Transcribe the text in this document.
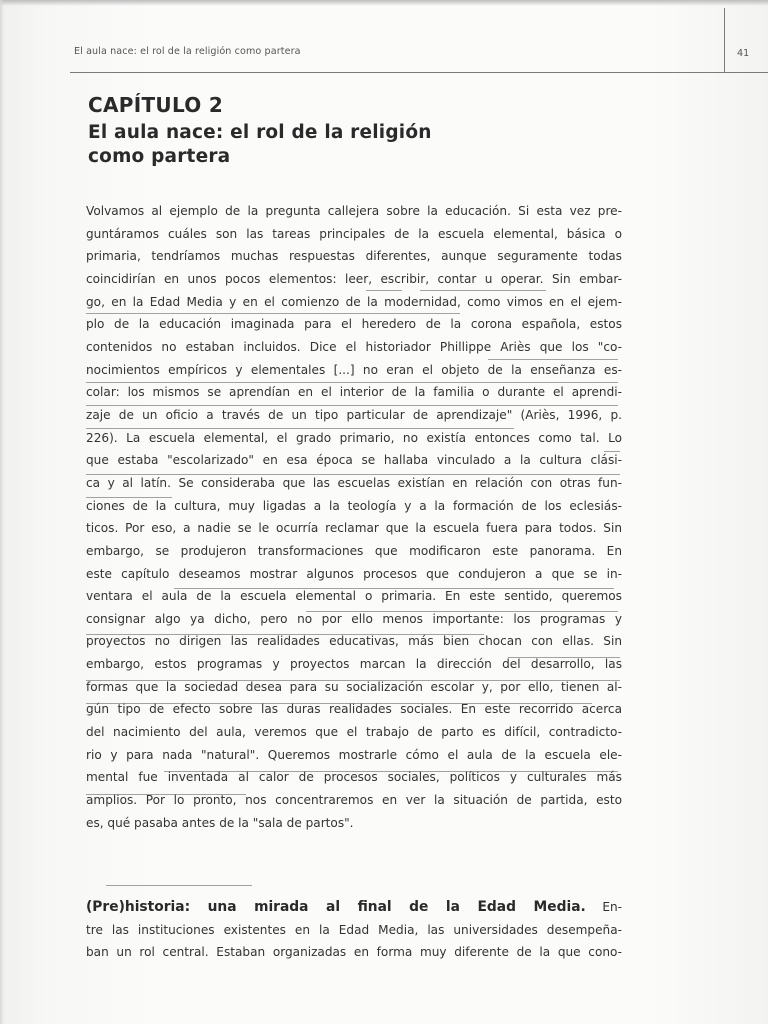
El aula nace: el rol de la religión como partera	41
CAPÍTULO 2
El aula nace: el rol de la religión
como partera
Volvamos al ejemplo de la pregunta callejera sobre la educación. Si esta vez pre-
guntáramos cuáles son las tareas principales de la escuela elemental, básica o
primaria, tendríamos muchas respuestas diferentes, aunque seguramente todas
coincidirían en unos pocos elementos: leer, escribir, contar u operar. Sin embar-
go, en la Edad Media y en el comienzo de la modernidad, como vimos en el ejem-
plo de la educación imaginada para el heredero de la corona española, estos
contenidos no estaban incluidos. Dice el historiador Phillippe Ariès que los "co-
nocimientos empíricos y elementales [...] no eran el objeto de la enseñanza es-
colar: los mismos se aprendían en el interior de la familia o durante el aprendi-
zaje de un oficio a través de un tipo particular de aprendizaje" (Ariès, 1996, p.
226). La escuela elemental, el grado primario, no existía entonces como tal. Lo
que estaba "escolarizado" en esa época se hallaba vinculado a la cultura clási-
ca y al latín. Se consideraba que las escuelas existían en relación con otras fun-
ciones de la cultura, muy ligadas a la teología y a la formación de los eclesiás-
ticos. Por eso, a nadie se le ocurría reclamar que la escuela fuera para todos. Sin
embargo, se produjeron transformaciones que modificaron este panorama. En
este capítulo deseamos mostrar algunos procesos que condujeron a que se in-
ventara el aula de la escuela elemental o primaria. En este sentido, queremos
consignar algo ya dicho, pero no por ello menos importante: los programas y
proyectos no dirigen las realidades educativas, más bien chocan con ellas. Sin
embargo, estos programas y proyectos marcan la dirección del desarrollo, las
formas que la sociedad desea para su socialización escolar y, por ello, tienen al-
gún tipo de efecto sobre las duras realidades sociales. En este recorrido acerca
del nacimiento del aula, veremos que el trabajo de parto es difícil, contradicto-
rio y para nada "natural". Queremos mostrarle cómo el aula de la escuela ele-
mental fue inventada al calor de procesos sociales, políticos y culturales más
amplios. Por lo pronto, nos concentraremos en ver la situación de partida, esto
es, qué pasaba antes de la "sala de partos".
(Pre)historia: una mirada al final de la Edad Media. En-
tre las instituciones existentes en la Edad Media, las universidades desempeña-
ban un rol central. Estaban organizadas en forma muy diferente de la que cono-
